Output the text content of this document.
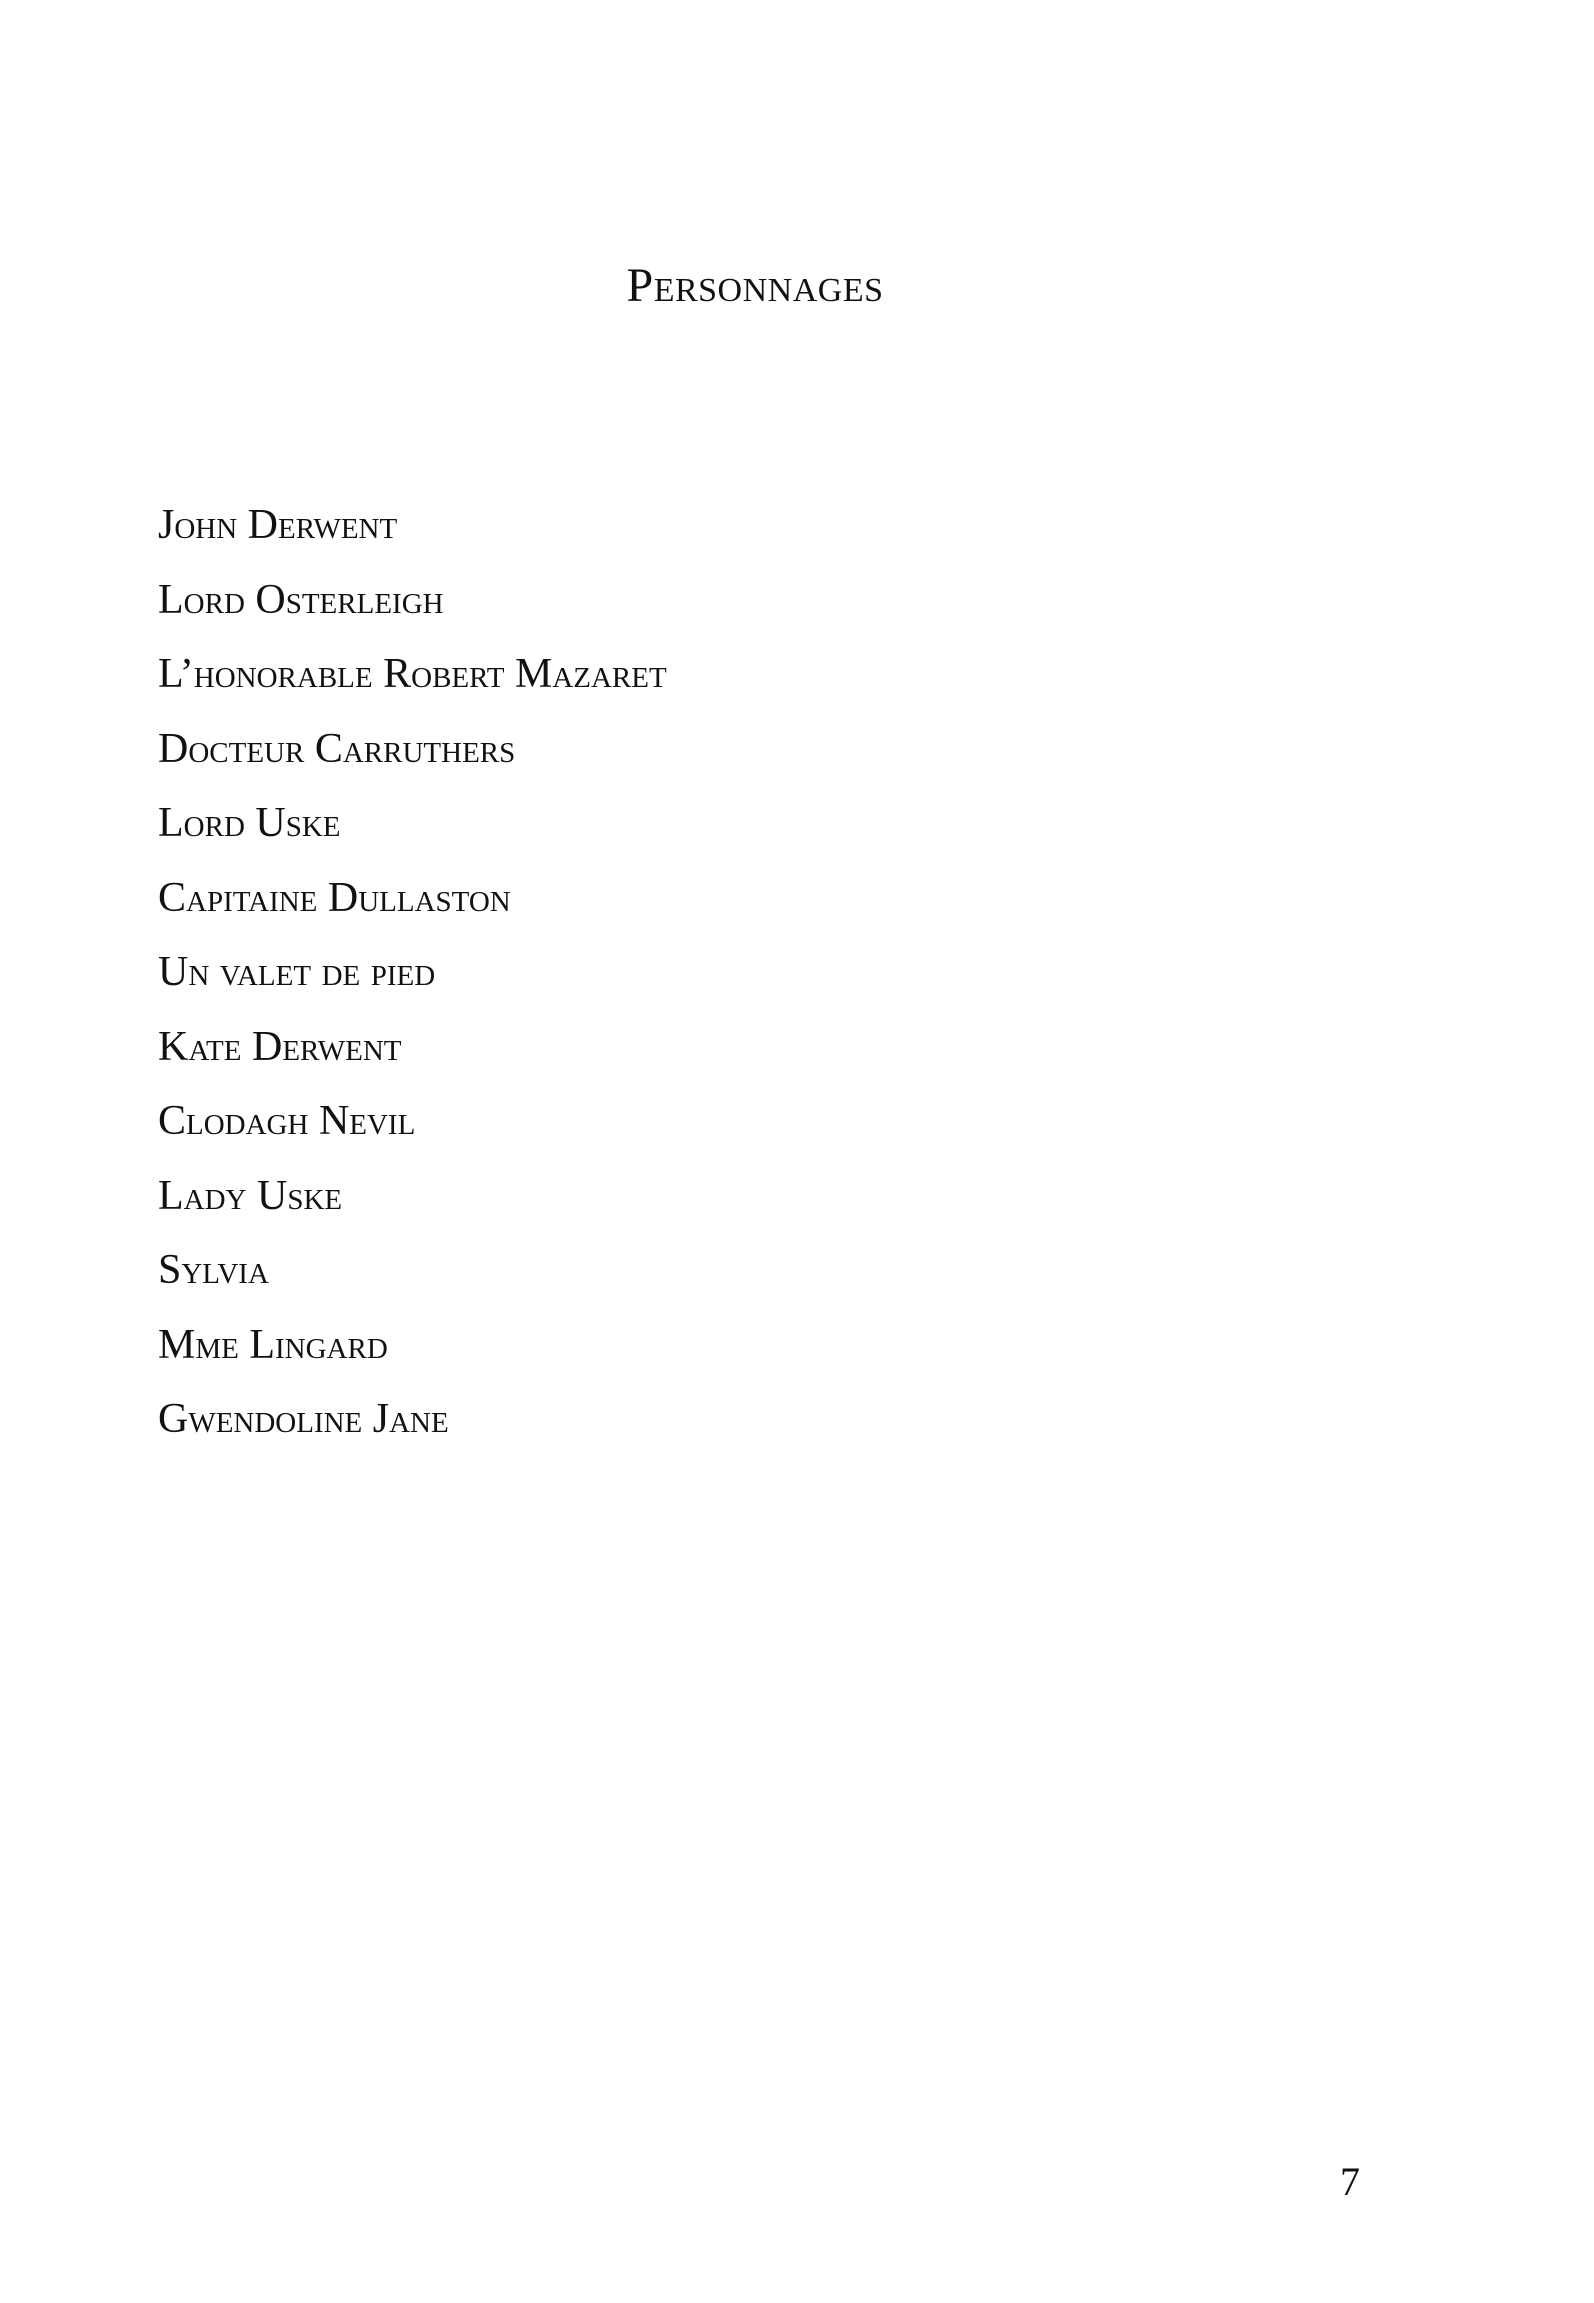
Personnages
John Derwent
Lord Osterleigh
L’honorable Robert Mazaret
Docteur Carruthers
Lord Uske
Capitaine Dullaston
Un valet de pied
Kate Derwent
Clodagh Nevil
Lady Uske
Sylvia
Mme Lingard
Gwendoline Jane
7
